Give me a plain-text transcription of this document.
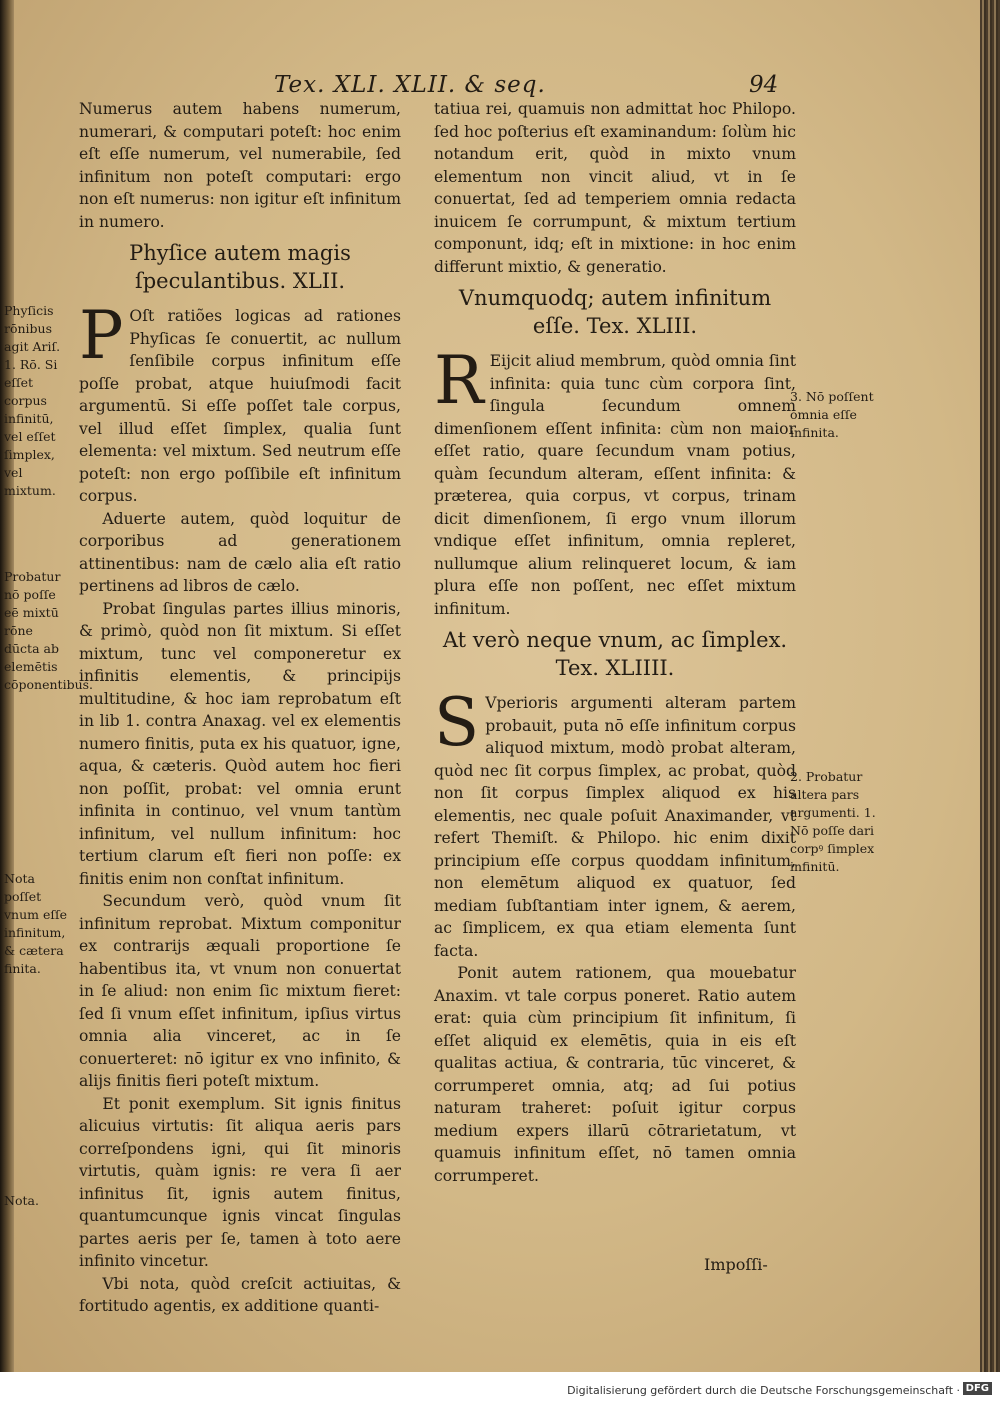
Tex. XLI. XLII. & seq.	94

Numerus autem habens numerum, numerari, & computari poteſt: hoc enim eſt eſſe numerum, vel numerabile, ſed infinitum non poteſt computari: ergo non eſt numerus: non igitur eſt infinitum in numero.

Phyſice autem magis ſpeculantibus. XLII.

P Oſt ratiões logicas ad rationes Phyſicas ſe conuertit, ac nullum ſenſibile corpus infinitum eſſe poſſe probat, atque huiuſmodi facit argumentū. Si eſſe poſſet tale corpus, vel illud eſſet ſimplex, qualia ſunt elementa: vel mixtum. Sed neutrum eſſe poteſt: non ergo poſſibile eſt infinitum corpus.

Aduerte autem, quòd loquitur de corporibus ad generationem attinentibus: nam de cælo alia eſt ratio pertinens ad libros de cælo.

Probat ſingulas partes illius minoris, & primò, quòd non ſit mixtum. Si eſſet mixtum, tunc vel componeretur ex infinitis elementis, & principijs multitudine, & hoc iam reprobatum eſt in lib 1. contra Anaxag. vel ex elementis numero finitis, puta ex his quatuor, igne, aqua, & cæteris. Quòd autem hoc fieri non poſſit, probat: vel omnia erunt infinita in continuo, vel vnum tantùm infinitum, vel nullum infinitum: hoc tertium clarum eſt fieri non poſſe: ex finitis enim non conſtat infinitum.

Secundum verò, quòd vnum ſit infinitum reprobat. Mixtum componitur ex contrarijs æquali proportione ſe habentibus ita, vt vnum non conuertat in ſe aliud: non enim ſic mixtum fieret: ſed ſi vnum eſſet infinitum, ipſius virtus omnia alia vinceret, ac in ſe conuerteret: nō igitur ex vno infinito, & alijs finitis fieri poteſt mixtum.

Et ponit exemplum. Sit ignis finitus alicuius virtutis: ſit aliqua aeris pars correſpondens igni, qui ſit minoris virtutis, quàm ignis: re vera ſi aer infinitus ſit, ignis autem finitus, quantumcunque ignis vincat ſingulas partes aeris per ſe, tamen à toto aere infinito vincetur.

Vbi nota, quòd creſcit actiuitas, & fortitudo agentis, ex additione quanti-

tatiua rei, quamuis non admittat hoc Philopo. ſed hoc poſterius eſt examinandum: ſolùm hic notandum erit, quòd in mixto vnum elementum non vincit aliud, vt in ſe conuertat, ſed ad temperiem omnia redacta inuicem ſe corrumpunt, & mixtum tertium componunt, idq; eſt in mixtione: in hoc enim differunt mixtio, & generatio.

Vnumquodq; autem infinitum eſſe. Tex. XLIII.

R Eijcit aliud membrum, quòd omnia ſint infinita: quia tunc cùm corpora ſint, ſingula ſecundum omnem dimenſionem eſſent infinita: cùm non maior eſſet ratio, quare ſecundum vnam potius, quàm ſecundum alteram, eſſent infinita: & præterea, quia corpus, vt corpus, trinam dicit dimenſionem, ſi ergo vnum illorum vndique eſſet infinitum, omnia repleret, nullumque alium relinqueret locum, & iam plura eſſe non poſſent, nec eſſet mixtum infinitum.

At verò neque vnum, ac ſimplex. Tex. XLIIII.

S Vperioris argumenti alteram partem probauit, puta nō eſſe infinitum corpus aliquod mixtum, modò probat alteram, quòd nec ſit corpus ſimplex, ac probat, quòd non ſit corpus ſimplex aliquod ex his elementis, nec quale poſuit Anaximander, vt refert Themiſt. & Philopo. hic enim dixit principium eſſe corpus quoddam infinitum, non elemētum aliquod ex quatuor, ſed mediam ſubſtantiam inter ignem, & aerem, ac ſimplicem, ex qua etiam elementa ſunt facta.

Ponit autem rationem, qua mouebatur Anaxim. vt tale corpus poneret. Ratio autem erat: quia cùm principium ſit infinitum, ſi eſſet aliquid ex elemētis, quia in eis eſt qualitas actiua, & contraria, tūc vinceret, & corrumperet omnia, atq; ad ſui potius naturam traheret: poſuit igitur corpus medium expers illarū cōtrarietatum, vt quamuis infinitum eſſet, nō tamen omnia corrumperet.

Phyſicis rōnibus agit Ariſ. 1. Rō. Si eſſet corpus infinitū, vel eſſet ſimplex, vel mixtum.
Probatur nō poſſe eē mixtū rōne dūcta ab elemētis cōponentibus.
Nota poſſet vnum eſſe infinitum, & cætera finita.
Nota.
3. Nō poſſent omnia eſſe infinita.
2. Probatur altera pars argumenti. 1. Nō poſſe dari corpꝰ ſimplex infinitū.
Impoſſi-
Digitalisierung gefördert durch die Deutsche Forschungsgemeinschaft · DFG
